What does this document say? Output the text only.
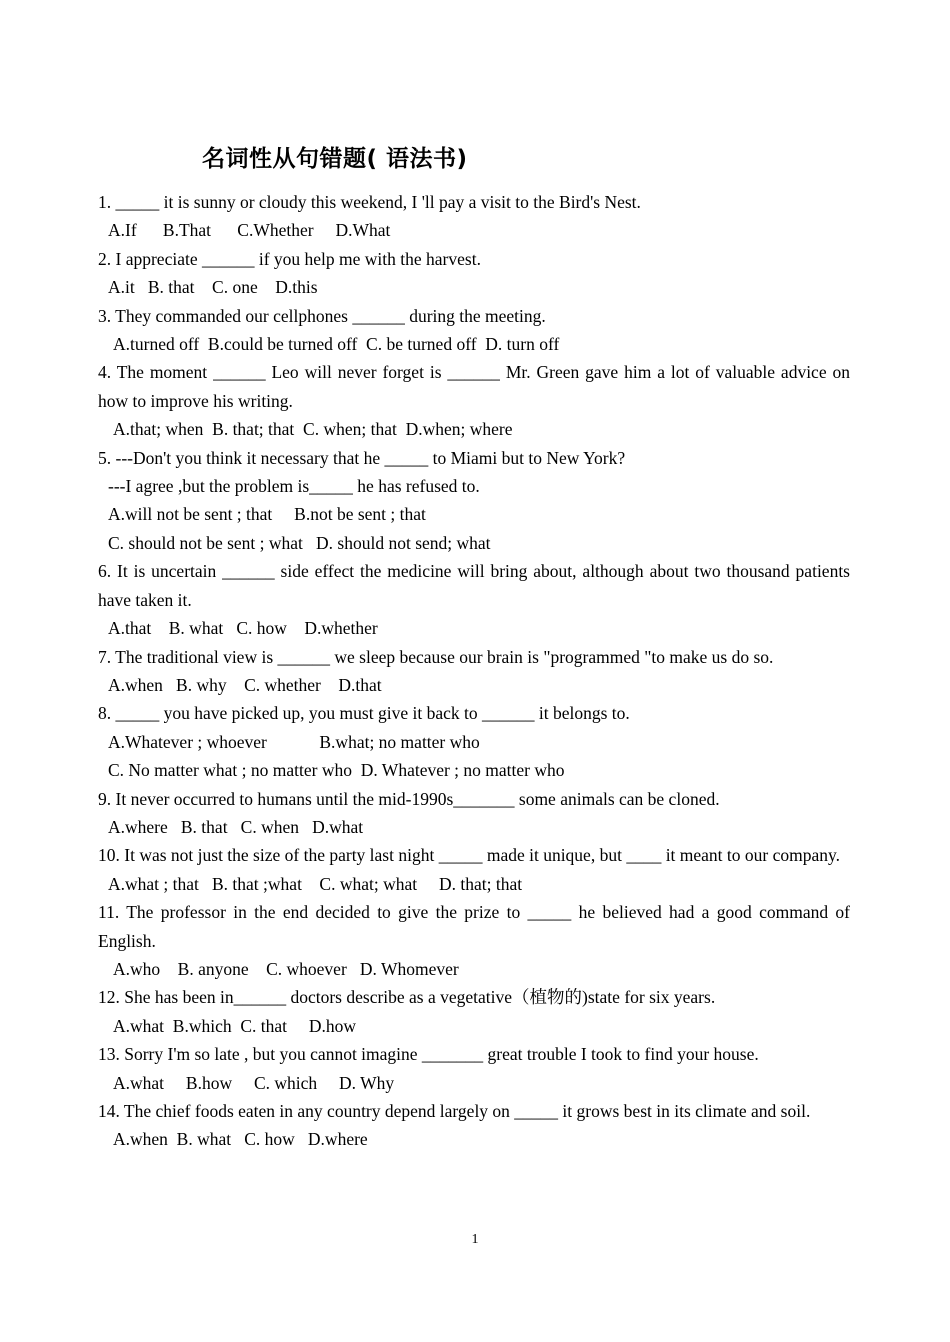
名词性从句错题( 语法书)
1. _____ it is sunny or cloudy this weekend, I 'll pay a visit to the Bird's Nest.
A.If      B.That      C.Whether     D.What
2. I appreciate ______ if you help me with the harvest.
A.it   B. that    C. one    D.this
3. They commanded our cellphones ______ during the meeting.
A.turned off  B.could be turned off  C. be turned off  D. turn off
4. The moment ______ Leo will never forget is ______ Mr. Green gave him a lot of valuable advice on how to improve his writing.
A.that; when  B. that; that  C. when; that  D.when; where
5. ---Don't you think it necessary that he _____ to Miami but to New York?
---I agree ,but the problem is_____ he has refused to.
A.will not be sent ; that     B.not be sent ; that
C. should not be sent ; what   D. should not send; what
6. It is uncertain ______ side effect the medicine will bring about, although about two thousand patients have taken it.
A.that    B. what   C. how    D.whether
7. The traditional view is ______ we sleep because our brain is "programmed "to make us do so.
A.when   B. why    C. whether    D.that
8. _____ you have picked up, you must give it back to ______ it belongs to.
A.Whatever ; whoever            B.what; no matter who
C. No matter what ; no matter who  D. Whatever ; no matter who
9. It never occurred to humans until the mid-1990s_______ some animals can be cloned.
A.where   B. that   C. when   D.what
10. It was not just the size of the party last night _____ made it unique, but ____ it meant to our company.
A.what ; that   B. that ;what    C. what; what     D. that; that
11. The professor in the end decided to give the prize to _____ he believed had a good command of English.
A.who    B. anyone    C. whoever   D. Whomever
12. She has been in______ doctors describe as a vegetative（植物的)state for six years.
A.what  B.which  C. that     D.how
13. Sorry I'm so late , but you cannot imagine _______ great trouble I took to find your house.
A.what     B.how     C. which     D. Why
14. The chief foods eaten in any country depend largely on _____ it grows best in its climate and soil.
A.when  B. what   C. how   D.where
1
